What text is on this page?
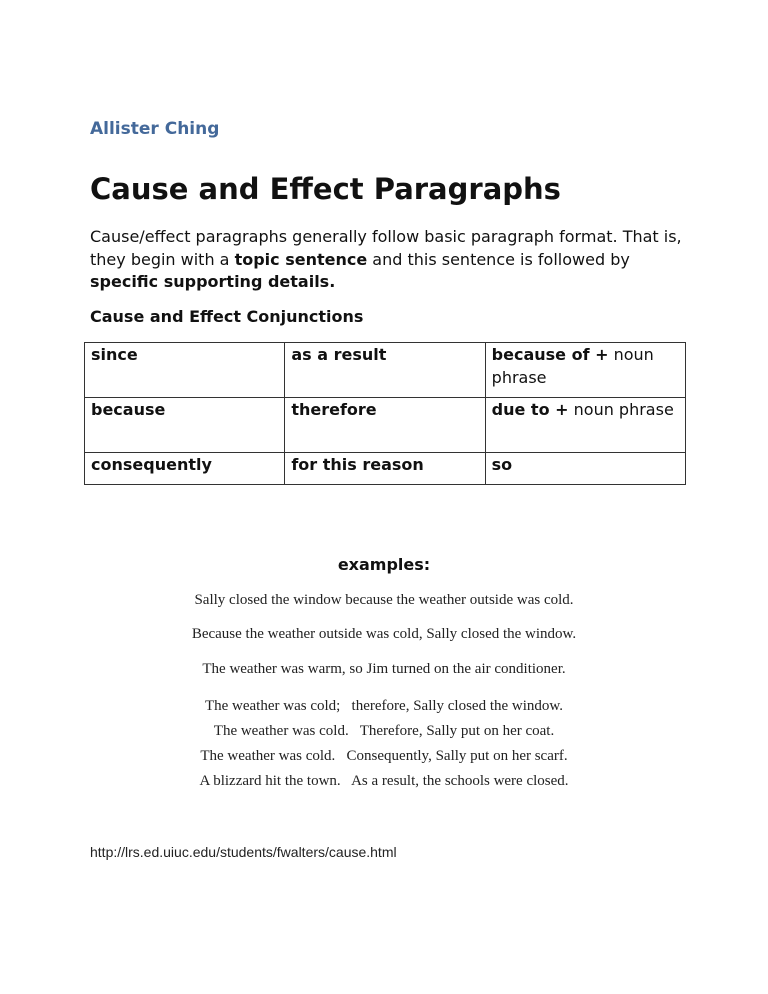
Allister Ching
Cause and Effect Paragraphs

Cause/effect paragraphs generally follow basic paragraph format. That is, they begin with a topic sentence and this sentence is followed by specific supporting details.

Cause and Effect Conjunctions
since	as a result	because of + noun phrase
because	therefore	due to + noun phrase
consequently	for this reason	so
examples:
Sally closed the window because the weather outside was cold.
Because the weather outside was cold, Sally closed the window.
The weather was warm, so Jim turned on the air conditioner.
The weather was cold;   therefore, Sally closed the window.
The weather was cold.   Therefore, Sally put on her coat.
The weather was cold.   Consequently, Sally put on her scarf.
A blizzard hit the town.   As a result, the schools were closed.
http://lrs.ed.uiuc.edu/students/fwalters/cause.html
